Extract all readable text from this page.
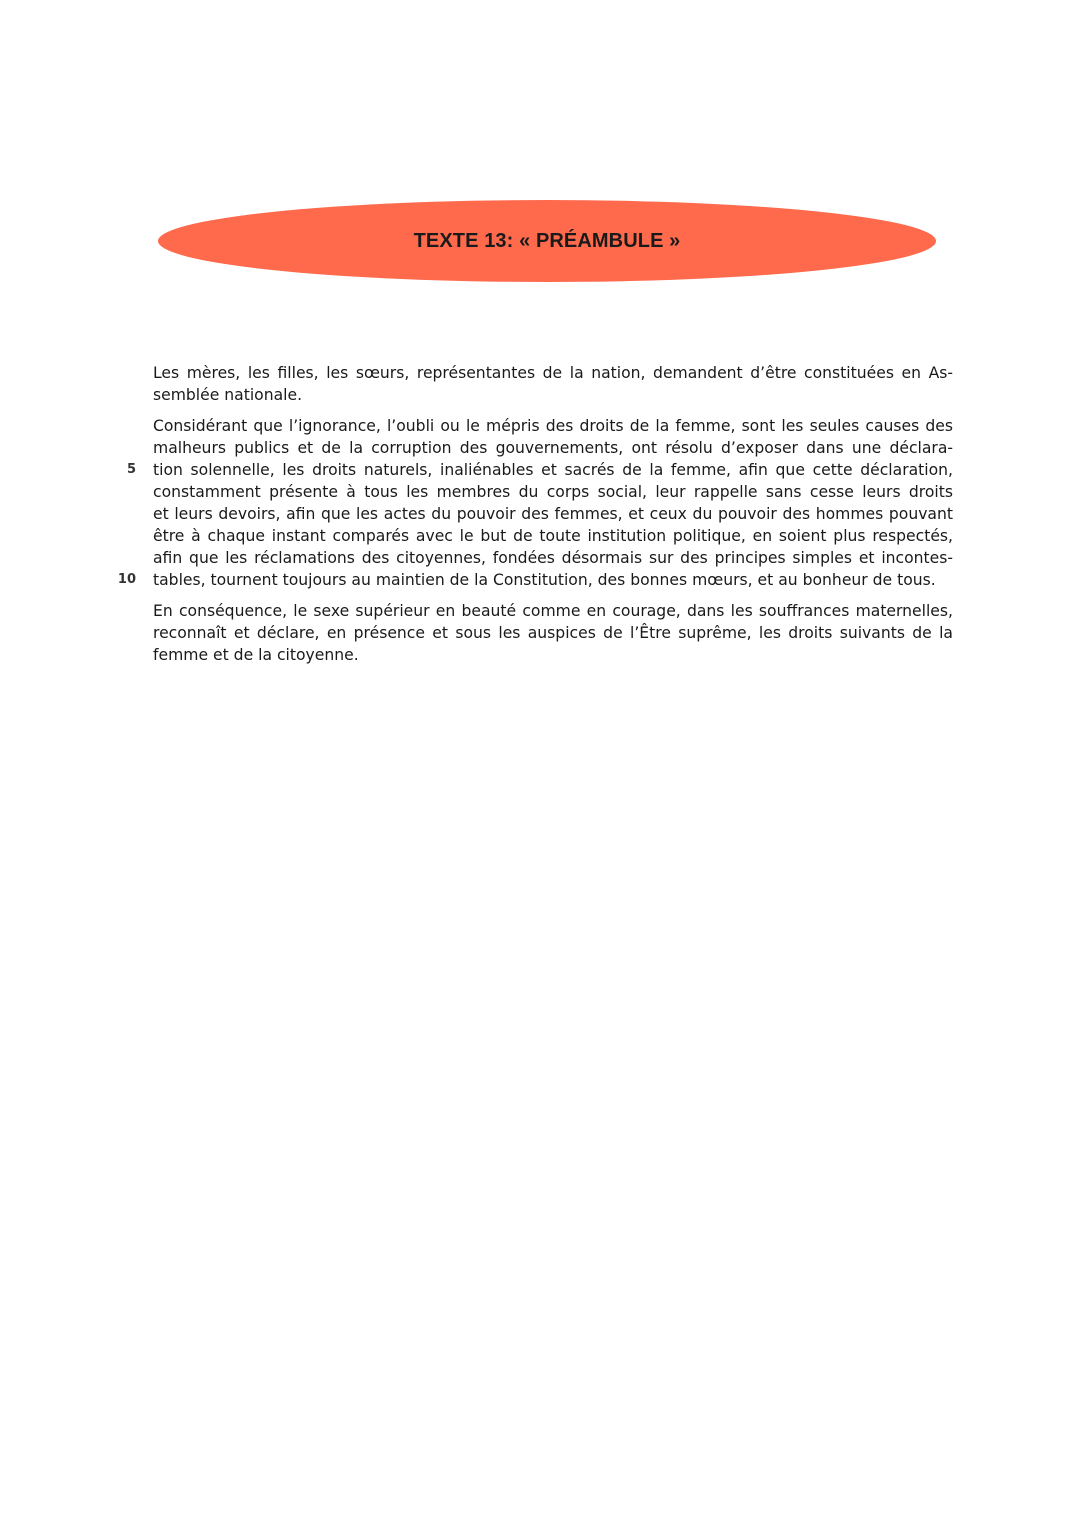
TEXTE 13: « PRÉAMBULE »
Les mères, les filles, les sœurs, représentantes de la nation, demandent d’être constituées en As-
semblée nationale.
Considérant que l’ignorance, l’oubli ou le mépris des droits de la femme, sont les seules causes des
malheurs publics et de la corruption des gouvernements, ont résolu d’exposer dans une déclara-
5 tion solennelle, les droits naturels, inaliénables et sacrés de la femme, afin que cette déclaration,
constamment présente à tous les membres du corps social, leur rappelle sans cesse leurs droits
et leurs devoirs, afin que les actes du pouvoir des femmes, et ceux du pouvoir des hommes pouvant
être à chaque instant comparés avec le but de toute institution politique, en soient plus respectés,
afin que les réclamations des citoyennes, fondées désormais sur des principes simples et incontes-
10 tables, tournent toujours au maintien de la Constitution, des bonnes mœurs, et au bonheur de tous.
En conséquence, le sexe supérieur en beauté comme en courage, dans les souffrances maternelles,
reconnaît et déclare, en présence et sous les auspices de l’Être suprême, les droits suivants de la
femme et de la citoyenne.
